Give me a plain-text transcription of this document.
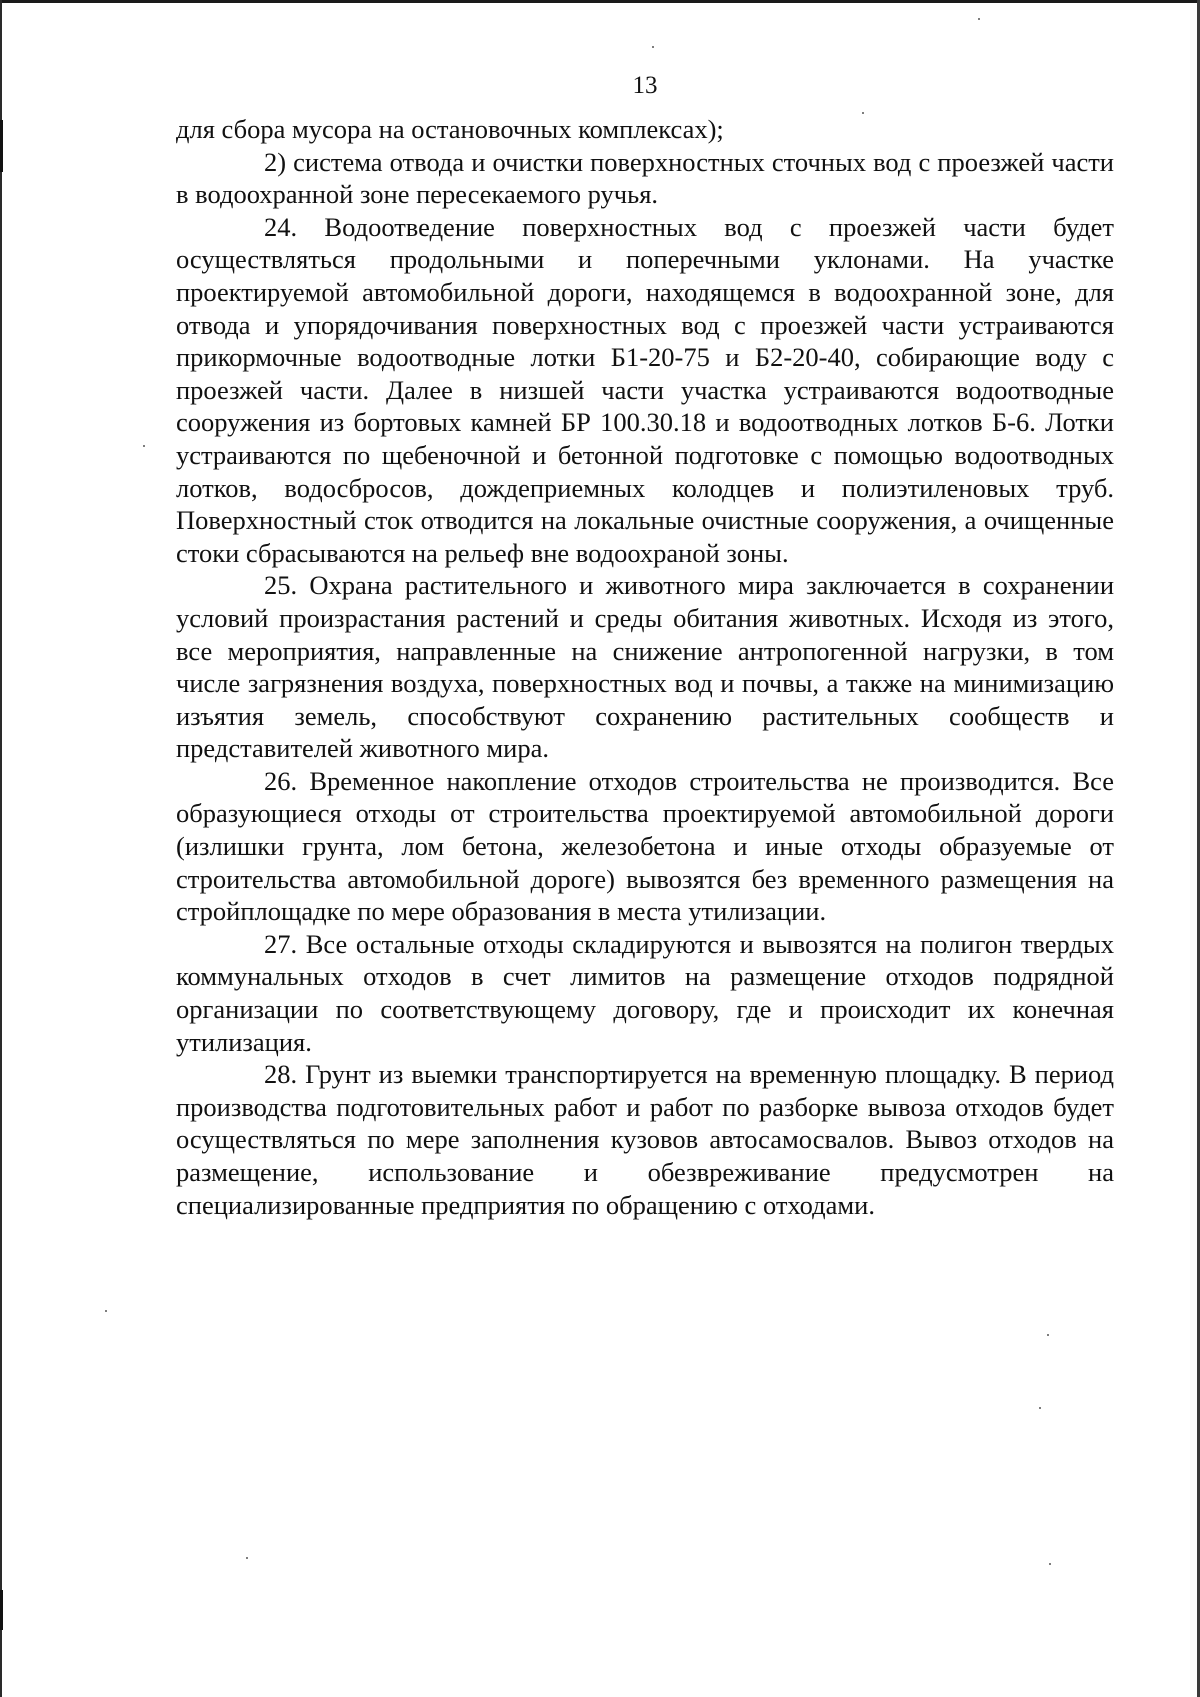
13

для сбора мусора на остановочных комплексах);

2) система отвода и очистки поверхностных сточных вод с проезжей части в водоохранной зоне пересекаемого ручья.

24. Водоотведение поверхностных вод с проезжей части будет осуществляться продольными и поперечными уклонами. На участке проектируемой автомобильной дороги, находящемся в водоохранной зоне, для отвода и упорядочивания поверхностных вод с проезжей части устраиваются прикормочные водоотводные лотки Б1-20-75 и Б2-20-40, собирающие воду с проезжей части. Далее в низшей части участка устраиваются водоотводные сооружения из бортовых камней БР 100.30.18 и водоотводных лотков Б-6. Лотки устраиваются по щебеночной и бетонной подготовке с помощью водоотводных лотков, водосбросов, дождеприемных колодцев и полиэтиленовых труб. Поверхностный сток отводится на локальные очистные сооружения, а очищенные стоки сбрасываются на рельеф вне водоохраной зоны.

25. Охрана растительного и животного мира заключается в сохранении условий произрастания растений и среды обитания животных. Исходя из этого, все мероприятия, направленные на снижение антропогенной нагрузки, в том числе загрязнения воздуха, поверхностных вод и почвы, а также на минимизацию изъятия земель, способствуют сохранению растительных сообществ и представителей животного мира.

26. Временное накопление отходов строительства не производится. Все образующиеся отходы от строительства проектируемой автомобильной дороги (излишки грунта, лом бетона, железобетона и иные отходы образуемые от строительства автомобильной дороге) вывозятся без временного размещения на стройплощадке по мере образования в места утилизации.

27. Все остальные отходы складируются и вывозятся на полигон твердых коммунальных отходов в счет лимитов на размещение отходов подрядной организации по соответствующему договору, где и происходит их конечная утилизация.

28. Грунт из выемки транспортируется на временную площадку. В период производства подготовительных работ и работ по разборке вывоза отходов будет осуществляться по мере заполнения кузовов автосамосвалов. Вывоз отходов на размещение, использование и обезвреживание предусмотрен на специализированные предприятия по обращению с отходами.
